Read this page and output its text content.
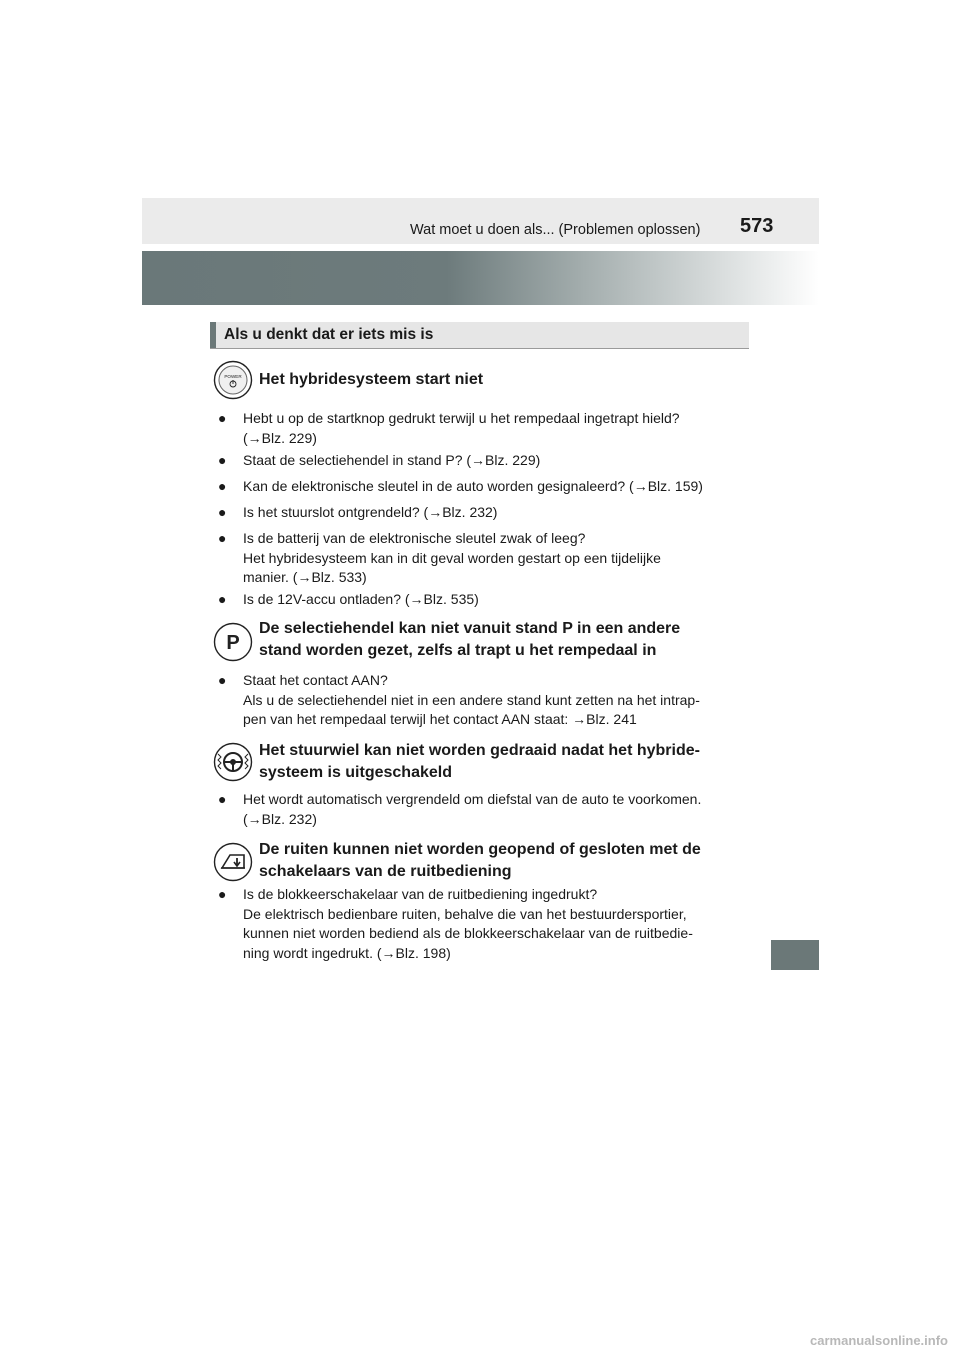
Wat moet u doen als... (Problemen oplossen) 573
Als u denkt dat er iets mis is
POWER Het hybridesysteem start niet
● Hebt u op de startknop gedrukt terwijl u het rempedaal ingetrapt hield?
(→Blz. 229)
● Staat de selectiehendel in stand P? (→Blz. 229)
● Kan de elektronische sleutel in de auto worden gesignaleerd? (→Blz. 159)
● Is het stuurslot ontgrendeld? (→Blz. 232)
● Is de batterij van de elektronische sleutel zwak of leeg?
Het hybridesysteem kan in dit geval worden gestart op een tijdelijke
manier. (→Blz. 533)
● Is de 12V-accu ontladen? (→Blz. 535)
P
De selectiehendel kan niet vanuit stand P in een andere
stand worden gezet, zelfs al trapt u het rempedaal in
● Staat het contact AAN?
Als u de selectiehendel niet in een andere stand kunt zetten na het intrap-
pen van het rempedaal terwijl het contact AAN staat: →Blz. 241
Het stuurwiel kan niet worden gedraaid nadat het hybride-
systeem is uitgeschakeld
● Het wordt automatisch vergrendeld om diefstal van de auto te voorkomen.
(→Blz. 232)
De ruiten kunnen niet worden geopend of gesloten met de
schakelaars van de ruitbediening
● Is de blokkeerschakelaar van de ruitbediening ingedrukt?
De elektrisch bedienbare ruiten, behalve die van het bestuurdersportier,
kunnen niet worden bediend als de blokkeerschakelaar van de ruitbedie-
ning wordt ingedrukt. (→Blz. 198)
carmanualsonline.info
